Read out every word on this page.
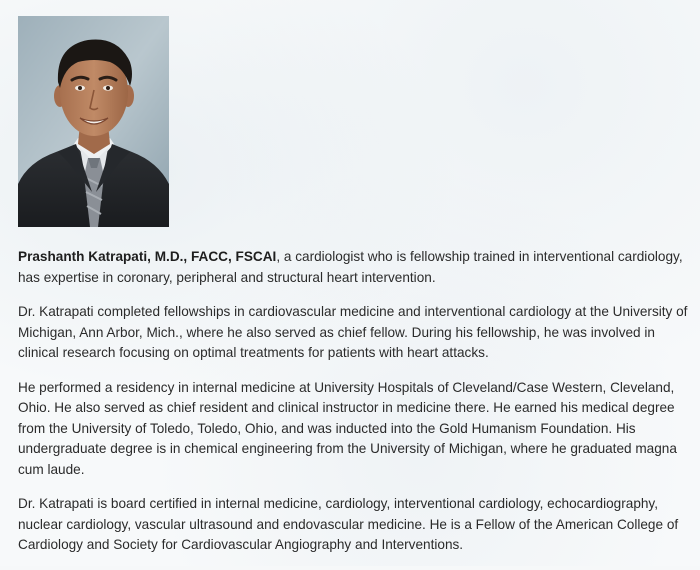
Prashanth Katrapati, M.D., FACC, FSCAI, a cardiologist who is fellowship trained in interventional cardiology, has expertise in coronary, peripheral and structural heart intervention.

Dr. Katrapati completed fellowships in cardiovascular medicine and interventional cardiology at the University of Michigan, Ann Arbor, Mich., where he also served as chief fellow. During his fellowship, he was involved in clinical research focusing on optimal treatments for patients with heart attacks.

He performed a residency in internal medicine at University Hospitals of Cleveland/Case Western, Cleveland, Ohio. He also served as chief resident and clinical instructor in medicine there. He earned his medical degree from the University of Toledo, Toledo, Ohio, and was inducted into the Gold Humanism Foundation. His undergraduate degree is in chemical engineering from the University of Michigan, where he graduated magna cum laude.

Dr. Katrapati is board certified in internal medicine, cardiology, interventional cardiology, echocardiography, nuclear cardiology, vascular ultrasound and endovascular medicine. He is a Fellow of the American College of Cardiology and Society for Cardiovascular Angiography and Interventions.
